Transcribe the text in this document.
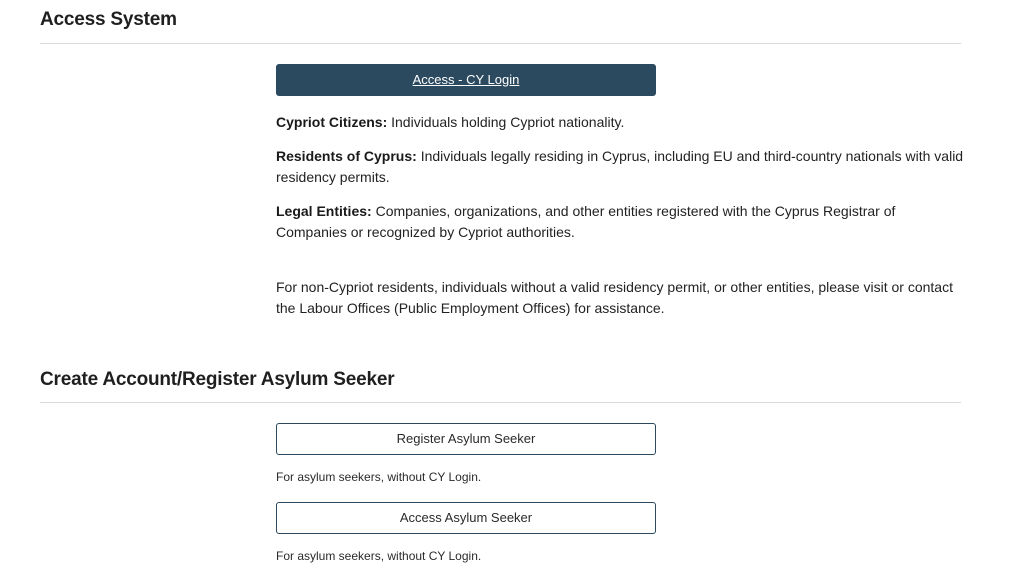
Access System
Access - CY Login

Cypriot Citizens: Individuals holding Cypriot nationality.

Residents of Cyprus: Individuals legally residing in Cyprus, including EU and third-country nationals with valid residency permits.

Legal Entities: Companies, organizations, and other entities registered with the Cyprus Registrar of Companies or recognized by Cypriot authorities.

For non-Cypriot residents, individuals without a valid residency permit, or other entities, please visit or contact the Labour Offices (Public Employment Offices) for assistance.

Create Account/Register Asylum Seeker
Register Asylum Seeker

For asylum seekers, without CY Login.

Access Asylum Seeker

For asylum seekers, without CY Login.
